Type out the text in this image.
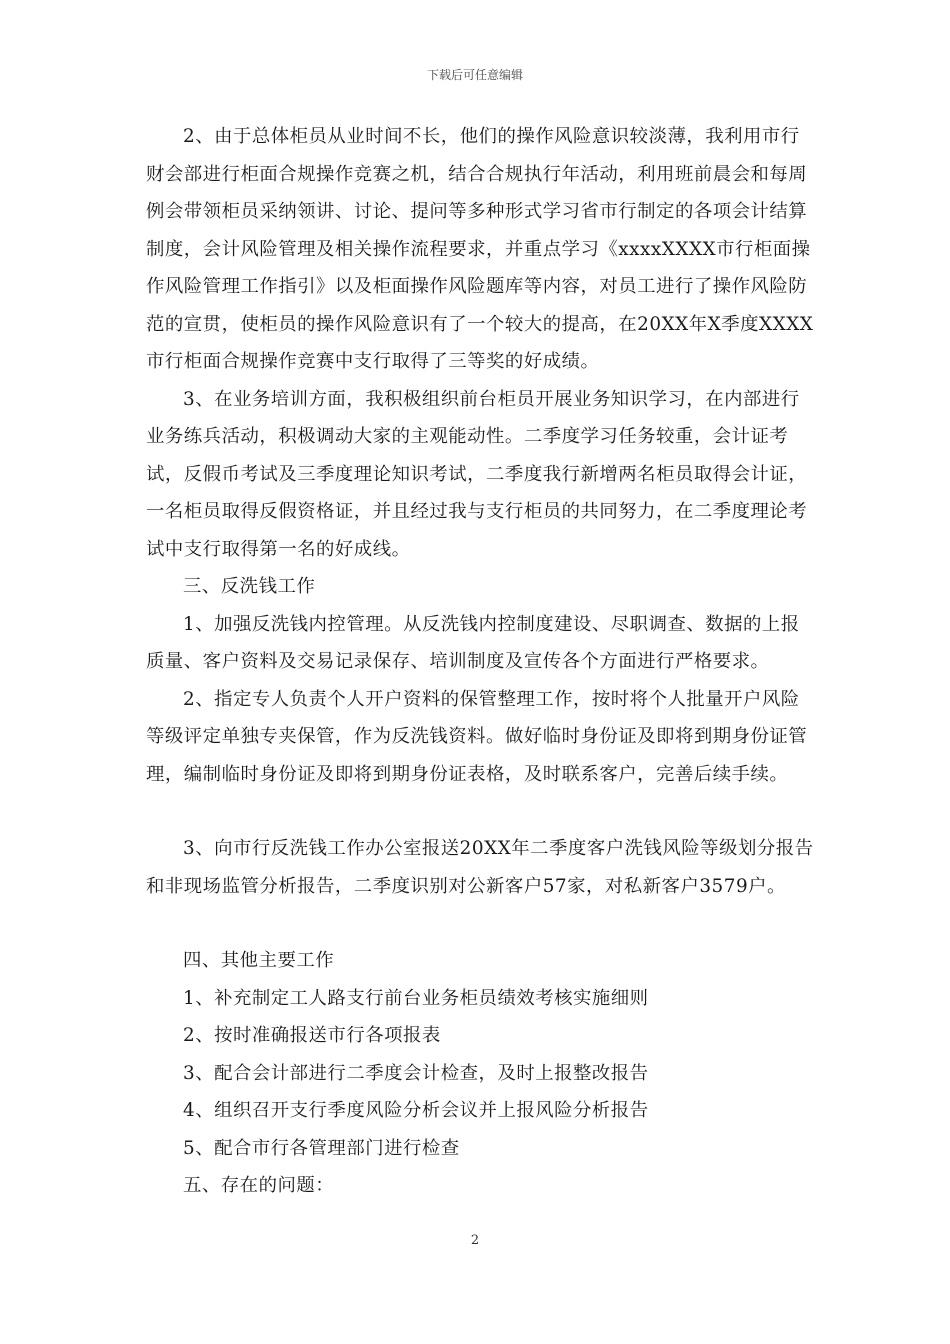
下载后可任意编辑

2、由于总体柜员从业时间不长，他们的操作风险意识较淡薄，我利用市行财会部进行柜面合规操作竞赛之机，结合合规执行年活动，利用班前晨会和每周例会带领柜员采纳领讲、讨论、提问等多种形式学习省市行制定的各项会计结算制度，会计风险管理及相关操作流程要求，并重点学习《xxxxXXXX市行柜面操作风险管理工作指引》以及柜面操作风险题库等内容，对员工进行了操作风险防范的宣贯，使柜员的操作风险意识有了一个较大的提高，在20XX年X季度XXXX市行柜面合规操作竞赛中支行取得了三等奖的好成绩。

3、在业务培训方面，我积极组织前台柜员开展业务知识学习，在内部进行业务练兵活动，积极调动大家的主观能动性。二季度学习任务较重，会计证考试，反假币考试及三季度理论知识考试，二季度我行新增两名柜员取得会计证，一名柜员取得反假资格证，并且经过我与支行柜员的共同努力，在二季度理论考试中支行取得第一名的好成线。

三、反洗钱工作

1、加强反洗钱内控管理。从反洗钱内控制度建设、尽职调查、数据的上报质量、客户资料及交易记录保存、培训制度及宣传各个方面进行严格要求。

2、指定专人负责个人开户资料的保管整理工作，按时将个人批量开户风险等级评定单独专夹保管，作为反洗钱资料。做好临时身份证及即将到期身份证管理，编制临时身份证及即将到期身份证表格，及时联系客户，完善后续手续。

3、向市行反洗钱工作办公室报送20XX年二季度客户洗钱风险等级划分报告和非现场监管分析报告，二季度识别对公新客户57家，对私新客户3579户。

四、其他主要工作

1、补充制定工人路支行前台业务柜员绩效考核实施细则

2、按时准确报送市行各项报表

3、配合会计部进行二季度会计检查，及时上报整改报告

4、组织召开支行季度风险分析会议并上报风险分析报告

5、配合市行各管理部门进行检查

五、存在的问题：

2
